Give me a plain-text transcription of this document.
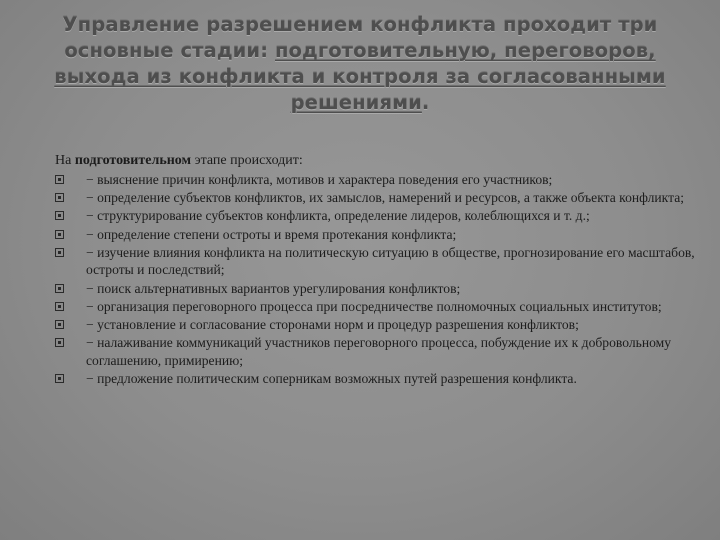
Управление разрешением конфликта проходит три основные стадии: подготовительную, переговоров, выхода из конфликта и контроля за согласованными решениями.
На подготовительном этапе происходит:
− выяснение причин конфликта, мотивов и характера поведения его участников;
− определение субъектов конфликтов, их замыслов, намерений и ресурсов, а также объекта конфликта;
− структурирование субъектов конфликта, определение лидеров, колеблющихся и т. д.;
− определение степени остроты и время протекания конфликта;
− изучение влияния конфликта на политическую ситуацию в обществе, прогнозирование его масштабов, остроты и последствий;
− поиск альтернативных вариантов урегулирования конфликтов;
− организация переговорного процесса при посредничестве полномочных социальных институтов;
− установление и согласование сторонами норм и процедур разрешения конфликтов;
− налаживание коммуникаций участников переговорного процесса, побуждение их к добровольному соглашению, примирению;
− предложение политическим соперникам возможных путей разрешения конфликта.
